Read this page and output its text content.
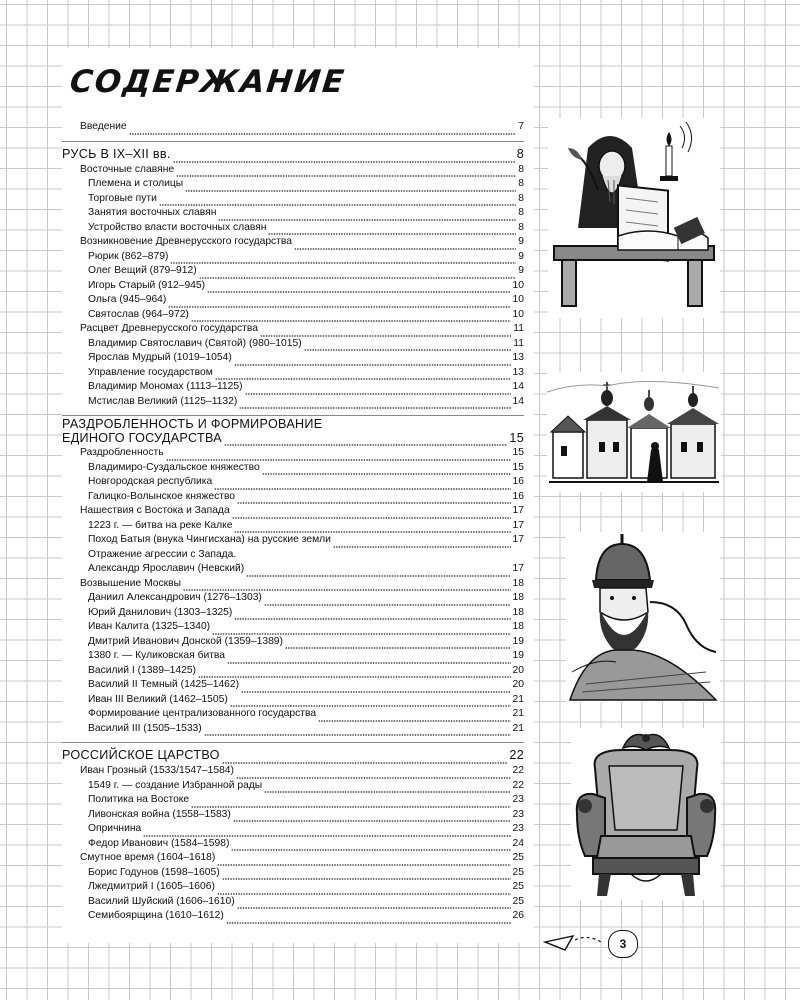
СОДЕРЖАНИЕ
Введение	7
РУСЬ В IX–XII вв.	8
Восточные славяне	8
Племена и столицы	8
Торговые пути	8
Занятия восточных славян	8
Устройство власти восточных славян	8
Возникновение Древнерусского государства	9
Рюрик (862–879)	9
Олег Вещий (879–912)	9
Игорь Старый (912–945)	10
Ольга (945–964)	10
Святослав (964–972)	10
Расцвет Древнерусского государства	11
Владимир Святославич (Святой) (980–1015)	11
Ярослав Мудрый (1019–1054)	13
Управление государством	13
Владимир Мономах (1113–1125)	14
Мстислав Великий (1125–1132)	14
РАЗДРОБЛЕННОСТЬ И ФОРМИРОВАНИЕ
ЕДИНОГО ГОСУДАРСТВА	15
Раздробленность	15
Владимиро-Суздальское княжество	15
Новгородская республика	16
Галицко-Волынское княжество	16
Нашествия с Востока и Запада	17
1223 г. — битва на реке Калке	17
Поход Батыя (внука Чингисхана) на русские земли	17
Отражение агрессии с Запада.
Александр Ярославич (Невский)	17
Возвышение Москвы	18
Даниил Александрович (1276–1303)	18
Юрий Данилович (1303–1325)	18
Иван Калита (1325–1340)	18
Дмитрий Иванович Донской (1359–1389)	19
1380 г. — Куликовская битва	19
Василий I (1389–1425)	20
Василий II Темный (1425–1462)	20
Иван III Великий (1462–1505)	21
Формирование централизованного государства	21
Василий III (1505–1533)	21
РОССИЙСКОЕ ЦАРСТВО	22
Иван Грозный (1533/1547–1584)	22
1549 г. — создание Избранной рады	22
Политика на Востоке	23
Ливонская война (1558–1583)	23
Опричнина	23
Федор Иванович (1584–1598)	24
Смутное время (1604–1618)	25
Борис Годунов (1598–1605)	25
Лжедмитрий I (1605–1606)	25
Василий Шуйский (1606–1610)	25
Семибоярщина (1610–1612)	26
3
